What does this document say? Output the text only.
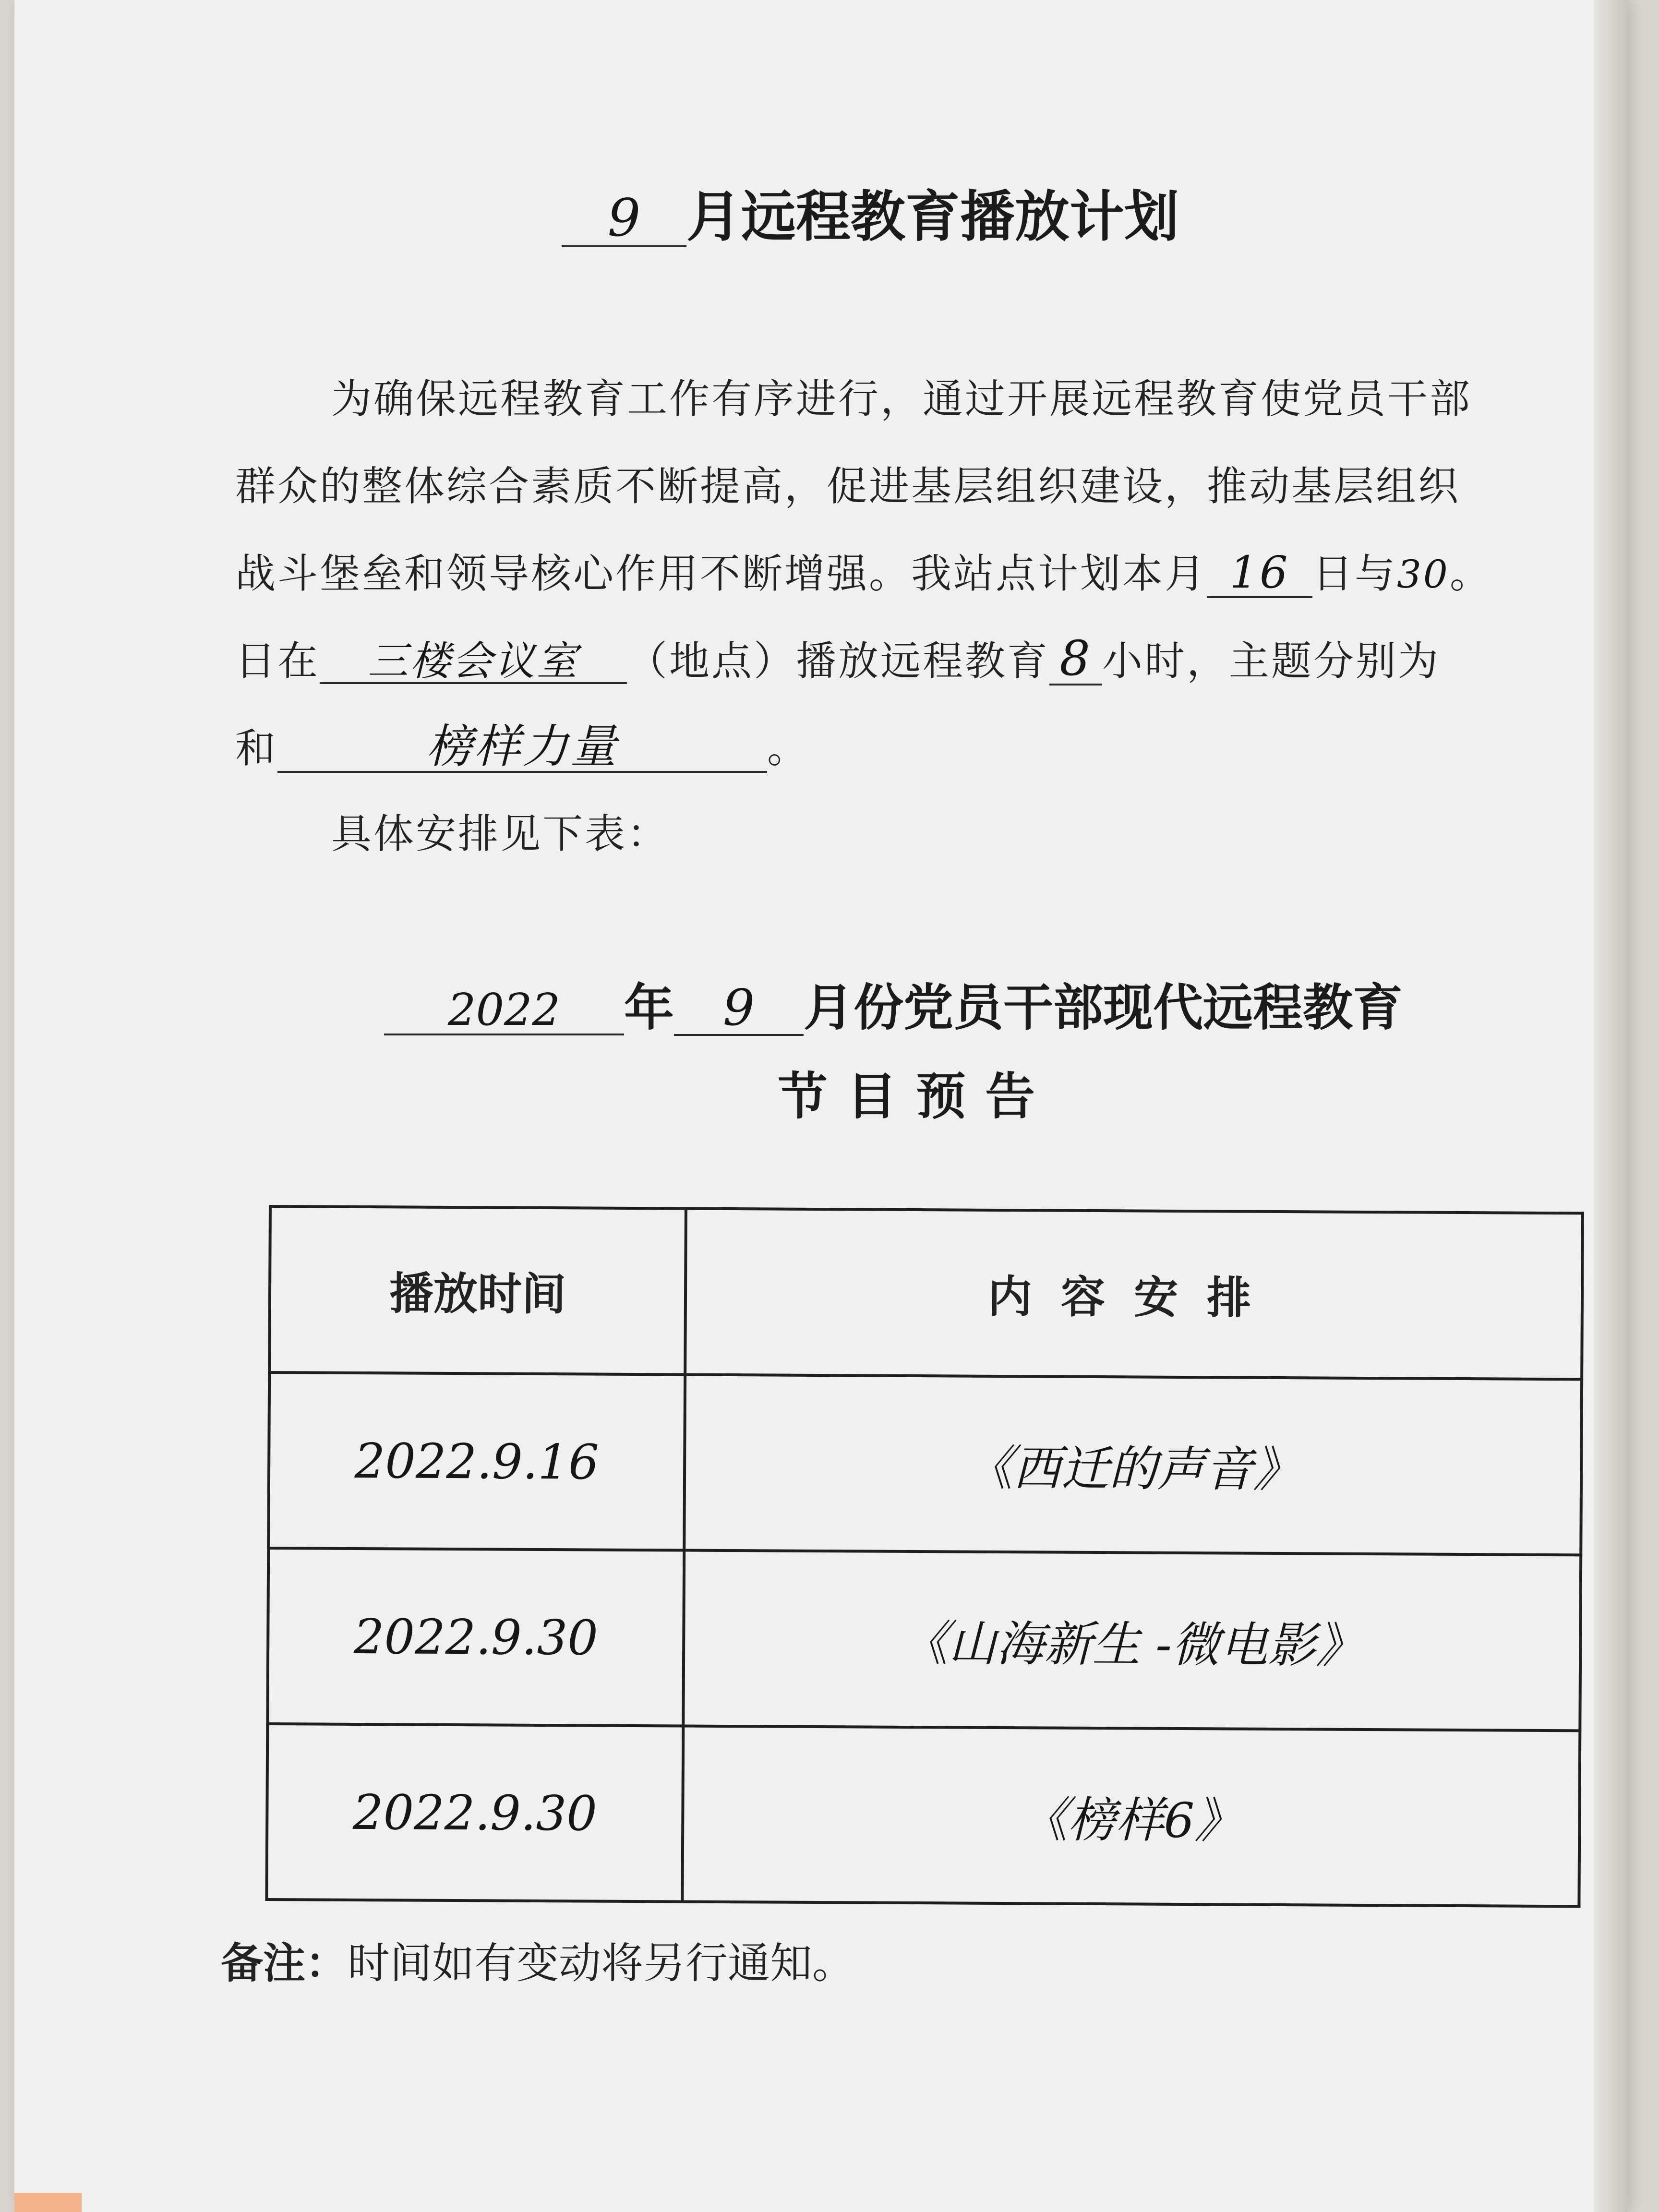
9 月远程教育播放计划
为确保远程教育工作有序进行，通过开展远程教育使党员干部
群众的整体综合素质不断提高，促进基层组织建设，推动基层组织
战斗堡垒和领导核心作用不断增强。我站点计划本月 16 日与30。
日在 三楼会议室 （地点）播放远程教育 8 小时，主题分别为
和	榜样力量	。
具体安排见下表：
2022 年 9 月份党员干部现代远程教育
节目预告
播放时间	内容安排
2022.9.16	《西迁的声音》
2022.9.30	《山海新生 -微电影》
2022.9.30	《榜样6》
备注：时间如有变动将另行通知。
